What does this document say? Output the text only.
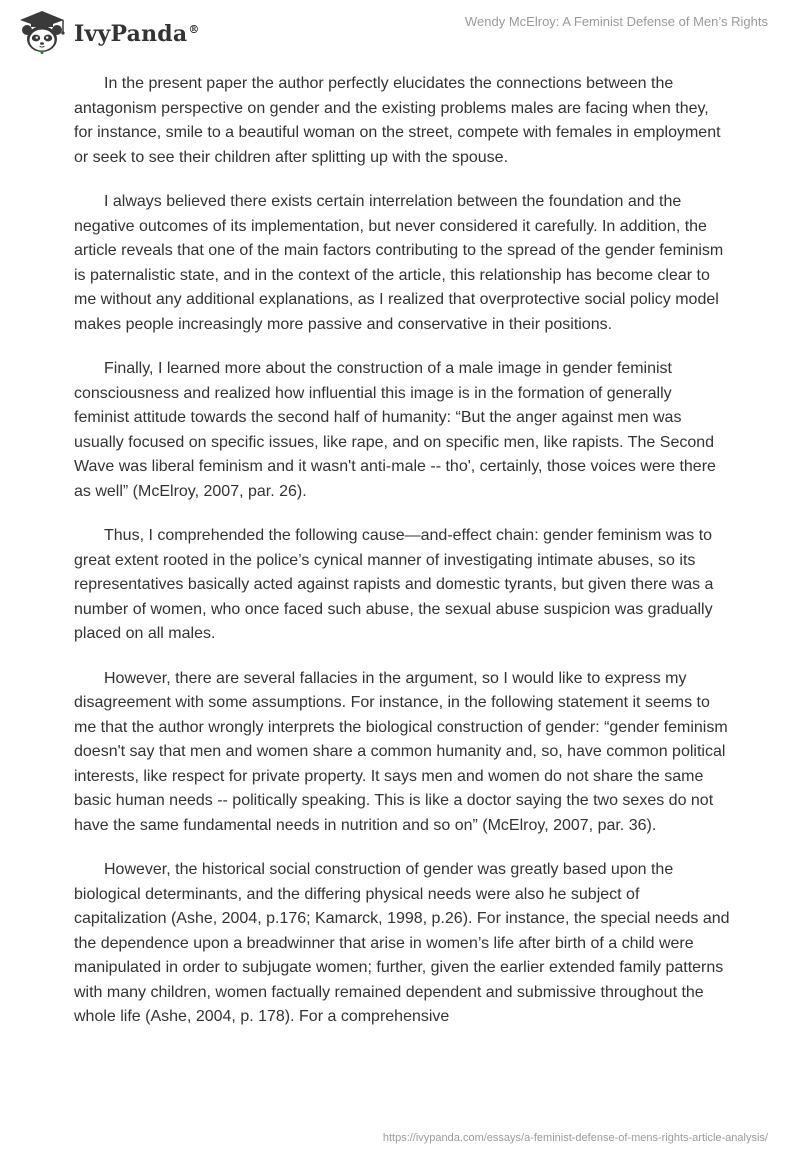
IvyPanda®
Wendy McElroy: A Feminist Defense of Men’s Rights

In the present paper the author perfectly elucidates the connections between the antagonism perspective on gender and the existing problems males are facing when they, for instance, smile to a beautiful woman on the street, compete with females in employment or seek to see their children after splitting up with the spouse.

I always believed there exists certain interrelation between the foundation and the negative outcomes of its implementation, but never considered it carefully. In addition, the article reveals that one of the main factors contributing to the spread of the gender feminism is paternalistic state, and in the context of the article, this relationship has become clear to me without any additional explanations, as I realized that overprotective social policy model makes people increasingly more passive and conservative in their positions.

Finally, I learned more about the construction of a male image in gender feminist consciousness and realized how influential this image is in the formation of generally feminist attitude towards the second half of humanity: “But the anger against men was usually focused on specific issues, like rape, and on specific men, like rapists. The Second Wave was liberal feminism and it wasn't anti-male -- tho', certainly, those voices were there as well” (McElroy, 2007, par. 26).

Thus, I comprehended the following cause—and-effect chain: gender feminism was to great extent rooted in the police’s cynical manner of investigating intimate abuses, so its representatives basically acted against rapists and domestic tyrants, but given there was a number of women, who once faced such abuse, the sexual abuse suspicion was gradually placed on all males.

However, there are several fallacies in the argument, so I would like to express my disagreement with some assumptions. For instance, in the following statement it seems to me that the author wrongly interprets the biological construction of gender: “gender feminism doesn't say that men and women share a common humanity and, so, have common political interests, like respect for private property. It says men and women do not share the same basic human needs -- politically speaking. This is like a doctor saying the two sexes do not have the same fundamental needs in nutrition and so on” (McElroy, 2007, par. 36).

However, the historical social construction of gender was greatly based upon the biological determinants, and the differing physical needs were also he subject of capitalization (Ashe, 2004, p.176; Kamarck, 1998, p.26). For instance, the special needs and the dependence upon a breadwinner that arise in women’s life after birth of a child were manipulated in order to subjugate women; further, given the earlier extended family patterns with many children, women factually remained dependent and submissive throughout the whole life (Ashe, 2004, p. 178). For a comprehensive

https://ivypanda.com/essays/a-feminist-defense-of-mens-rights-article-analysis/
